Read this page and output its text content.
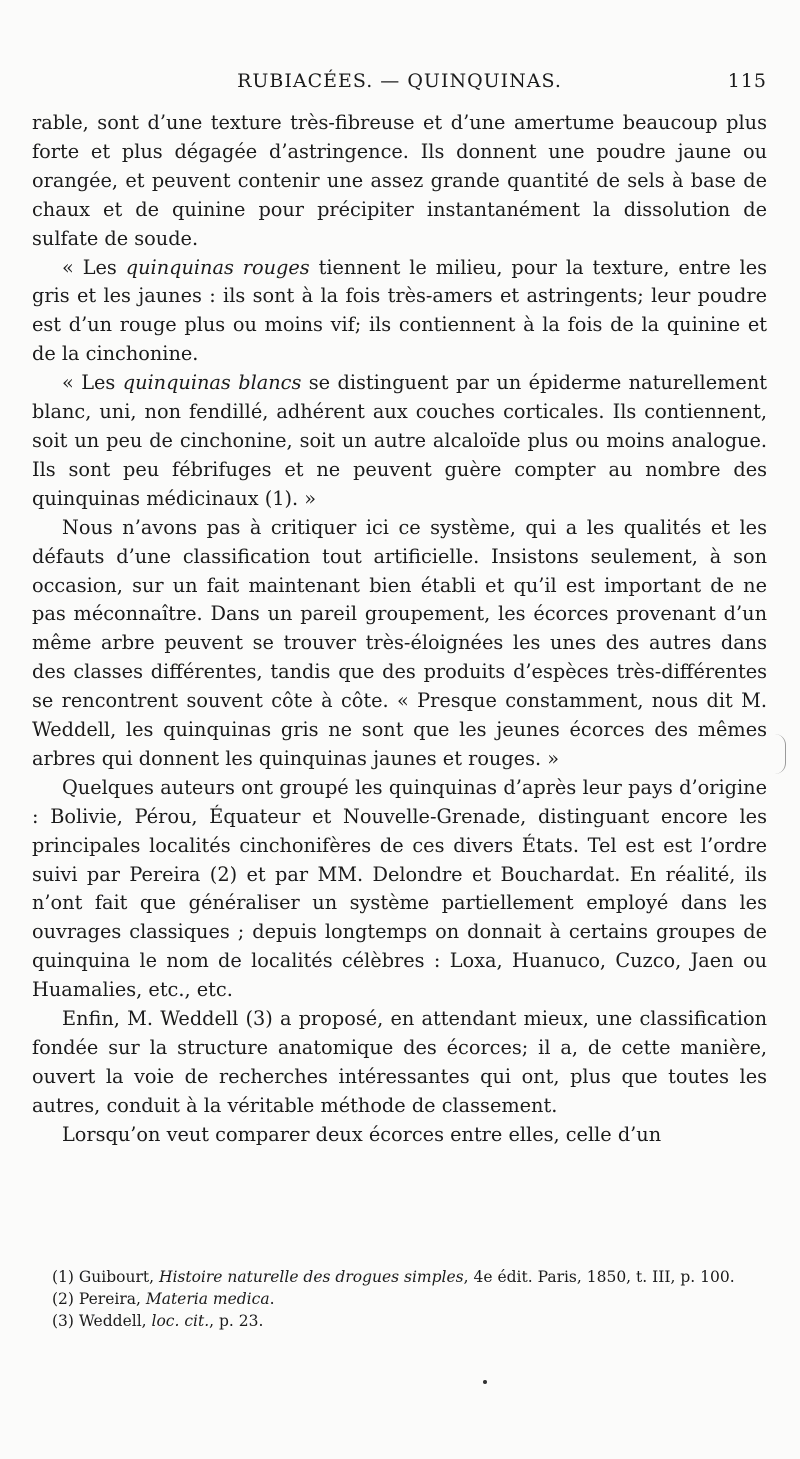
RUBIACÉES. — QUINQUINAS.	115

rable, sont d’une texture très-fibreuse et d’une amertume beaucoup plus forte et plus dégagée d’astringence. Ils donnent une poudre jaune ou orangée, et peuvent contenir une assez grande quantité de sels à base de chaux et de quinine pour précipiter instantanément la dissolution de sulfate de soude.

« Les quinquinas rouges tiennent le milieu, pour la texture, entre les gris et les jaunes : ils sont à la fois très-amers et astringents; leur poudre est d’un rouge plus ou moins vif; ils contiennent à la fois de la quinine et de la cinchonine.

« Les quinquinas blancs se distinguent par un épiderme naturellement blanc, uni, non fendillé, adhérent aux couches corticales. Ils contiennent, soit un peu de cinchonine, soit un autre alcaloïde plus ou moins analogue. Ils sont peu fébrifuges et ne peuvent guère compter au nombre des quinquinas médicinaux (1). »

Nous n’avons pas à critiquer ici ce système, qui a les qualités et les défauts d’une classification tout artificielle. Insistons seulement, à son occasion, sur un fait maintenant bien établi et qu’il est important de ne pas méconnaître. Dans un pareil groupement, les écorces provenant d’un même arbre peuvent se trouver très-éloignées les unes des autres dans des classes différentes, tandis que des produits d’espèces très-différentes se rencontrent souvent côte à côte. « Presque constamment, nous dit M. Weddell, les quinquinas gris ne sont que les jeunes écorces des mêmes arbres qui donnent les quinquinas jaunes et rouges. »

Quelques auteurs ont groupé les quinquinas d’après leur pays d’origine : Bolivie, Pérou, Équateur et Nouvelle-Grenade, distinguant encore les principales localités cinchonifères de ces divers États. Tel est est l’ordre suivi par Pereira (2) et par MM. Delondre et Bouchardat. En réalité, ils n’ont fait que généraliser un système partiellement employé dans les ouvrages classiques ; depuis longtemps on donnait à certains groupes de quinquina le nom de localités célèbres : Loxa, Huanuco, Cuzco, Jaen ou Huamalies, etc., etc.

Enfin, M. Weddell (3) a proposé, en attendant mieux, une classification fondée sur la structure anatomique des écorces; il a, de cette manière, ouvert la voie de recherches intéressantes qui ont, plus que toutes les autres, conduit à la véritable méthode de classement.

Lorsqu’on veut comparer deux écorces entre elles, celle d’un

(1) Guibourt, Histoire naturelle des drogues simples, 4e édit. Paris, 1850, t. III, p. 100.
(2) Pereira, Materia medica.
(3) Weddell, loc. cit., p. 23.
